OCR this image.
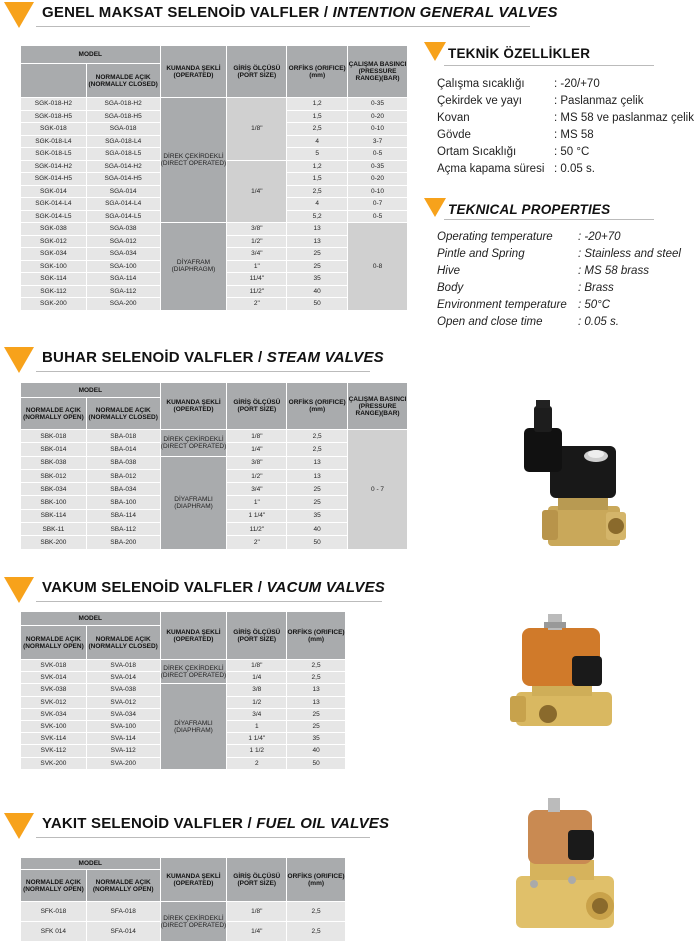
GENEL MAKSAT SELENOİD VALFLER / INTENTION GENERAL VALVES
MODEL		KUMANDA ŞEKLİ (OPERATED)	GİRİŞ ÖLÇÜSÜ (PORT SIZE)	ORFİKS (ORIFICE) (mm)	ÇALIŞMA BASINCI (PRESSURE RANGE)(BAR)
	NORMALDE AÇIK (NORMALLY CLOSED)				
SGK-018-H2	SGA-018-H2	DİREK ÇEKİRDEKLİ (DIRECT OPERATED)	1/8"	1,2	0-35
SGK-018-H5	SGA-018-H5			1,5	0-20
SGK-018	SGA-018			2,5	0-10
SGK-018-L4	SGA-018-L4			4	3-7
SGK-018-L5	SGA-018-L5			5	0-5
SGK-014-H2	SGA-014-H2		1/4"	1,2	0-35
SGK-014-H5	SGA-014-H5			1,5	0-20
SGK-014	SGA-014			2,5	0-10
SGK-014-L4	SGA-014-L4			4	0-7
SGK-014-L5	SGA-014-L5			5,2	0-5
SGK-038	SGA-038	DİYAFRAM (DIAPHRAGM)	3/8"	13	0-8
SGK-012	SGA-012		1/2"	13	
SGK-034	SGA-034		3/4"	25	
SGK-100	SGA-100		1"	25	
SGK-114	SGA-114		11/4"	35	
SGK-112	SGA-112		11/2"	40	
SGK-200	SGA-200		2"	50	
TEKNİK ÖZELLİKLER
Çalışma sıcaklığı	: -20/+70
Çekirdek ve yayı	: Paslanmaz çelik
Kovan	: MS 58 ve paslanmaz çelik
Gövde	: MS 58
Ortam Sıcaklığı	: 50 °C
Açma kapama süresi : 0.05 s.
TEKNICAL PROPERTIES
Operating temperature : -20+70
Pintle and Spring	: Stainless and steel
Hive	: MS 58 brass
Body	: Brass
Environment temperature : 50°C
Open and close time	: 0.05 s.
BUHAR SELENOİD VALFLER / STEAM VALVES
MODEL		KUMANDA ŞEKLİ (OPERATED)	GİRİŞ ÖLÇÜSÜ (PORT SIZE)	ORFİKS (ORIFICE) (mm)	ÇALIŞMA BASINCI (PRESSURE RANGE)(BAR)
NORMALDE AÇIK (NORMALLY OPEN)	NORMALDE AÇIK (NORMALLY CLOSED)				
SBK-018	SBA-018	DİREK ÇEKİRDEKLİ (DIRECT OPERATED)	1/8"	2,5	0 - 7
SBK-014	SBA-014		1/4"	2,5	
SBK-038	SBA-038	DİYAFRAMLI (DIAPHRAM)	3/8"	13	
SBK-012	SBA-012		1/2"	13	
SBK-034	SBA-034		3/4"	25	
SBK-100	SBA-100		1"	25	
SBK-114	SBA-114		1 1/4"	35	
SBK-11	SBA-112		11/2"	40	
SBK-200	SBA-200		2"	50	
VAKUM SELENOİD VALFLER / VACUM VALVES
MODEL		KUMANDA ŞEKLİ (OPERATED)	GİRİŞ ÖLÇÜSÜ (PORT SIZE)	ORFİKS (ORIFICE) (mm)
NORMALDE AÇIK (NORMALLY OPEN)	NORMALDE AÇIK (NORMALLY CLOSED)			
SVK-018	SVA-018	DİREK ÇEKİRDEKLİ (DIRECT OPERATED)	1/8"	2,5
SVK-014	SVA-014		1/4	2,5
SVK-038	SVA-038	DİYAFRAMLI (DIAPHRAM)	3/8	13
SVK-012	SVA-012		1/2	13
SVK-034	SVA-034		3/4	25
SVK-100	SVA-100		1	25
SVK-114	SVA-114		1 1/4"	35
SVK-112	SVA-112		1 1/2	40
SVK-200	SVA-200		2	50
YAKIT SELENOİD VALFLER / FUEL OIL VALVES
MODEL		KUMANDA ŞEKLİ (OPERATED)	GİRİŞ ÖLÇÜSÜ (PORT SIZE)	ORFİKS (ORIFICE) (mm)
NORMALDE AÇIK (NORMALLY OPEN)	NORMALDE AÇIK (NORMALLY OPEN)			
SFK-018	SFA-018	DİREK ÇEKİRDEKLİ (DIRECT OPERATED)	1/8"	2,5
SFK 014	SFA-014		1/4"	2,5
